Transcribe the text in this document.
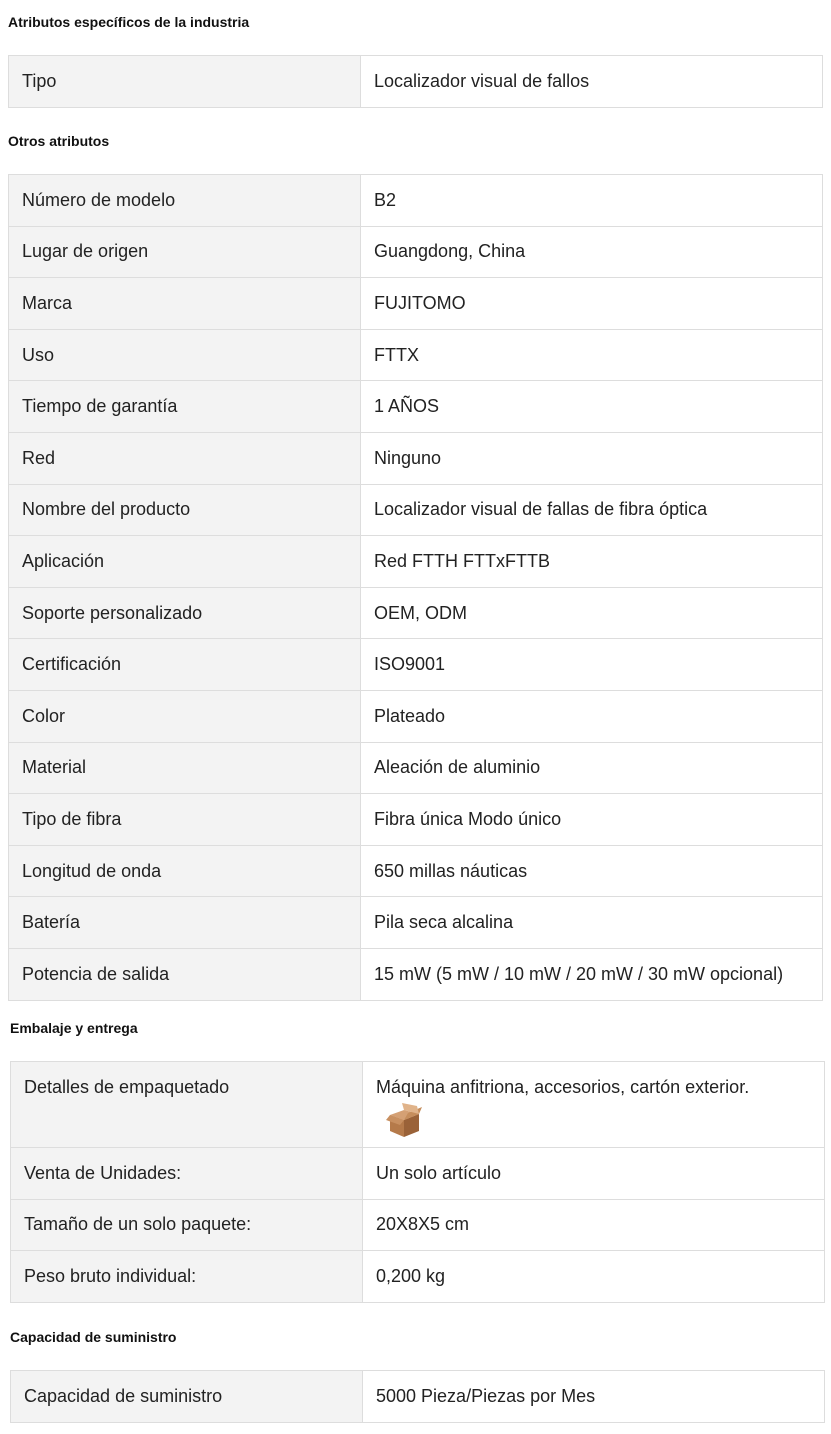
Atributos específicos de la industria
Tipo	Localizador visual de fallos
Otros atributos
Número de modelo	B2
Lugar de origen	Guangdong, China
Marca	FUJITOMO
Uso	FTTX
Tiempo de garantía	1 AÑOS
Red	Ninguno
Nombre del producto	Localizador visual de fallas de fibra óptica
Aplicación	Red FTTH FTTxFTTB
Soporte personalizado	OEM, ODM
Certificación	ISO9001
Color	Plateado
Material	Aleación de aluminio
Tipo de fibra	Fibra única Modo único
Longitud de onda	650 millas náuticas
Batería	Pila seca alcalina
Potencia de salida	15 mW (5 mW / 10 mW / 20 mW / 30 mW opcional)
Embalaje y entrega
Detalles de empaquetado	Máquina anfitriona, accesorios, cartón exterior.

Venta de Unidades:	Un solo artículo
Tamaño de un solo paquete:	20X8X5 cm
Peso bruto individual:	0,200 kg
Capacidad de suministro
Capacidad de suministro	5000 Pieza/Piezas por Mes
